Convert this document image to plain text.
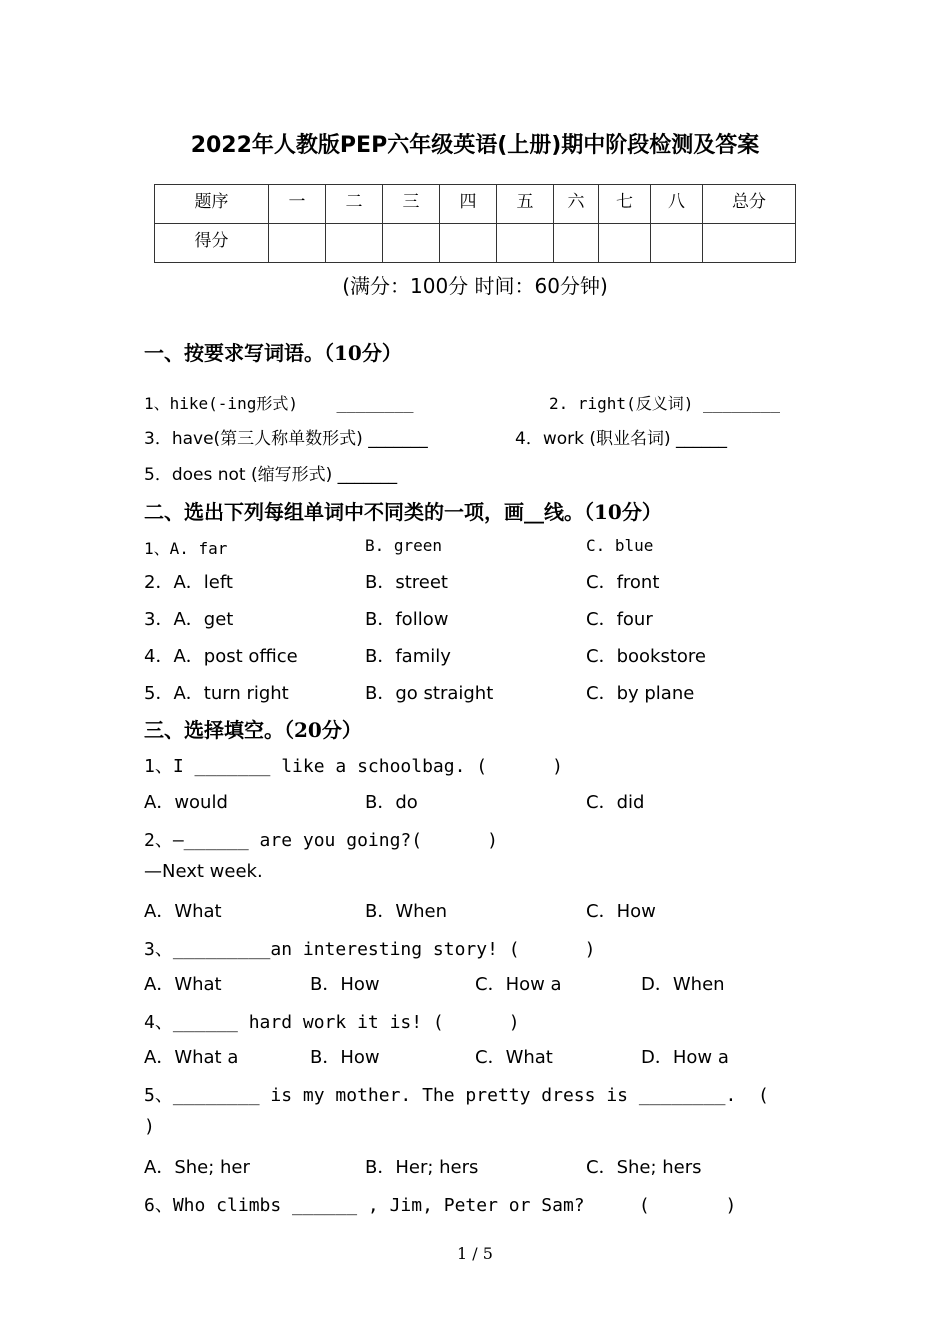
2022年人教版PEP六年级英语(上册)期中阶段检测及答案
题序	一	二	三	四	五	六	七	八	总分
得分									
(满分：100分 时间：60分钟)
一、按要求写词语。（10分）
1、hike(-ing形式)    ________	2. right(反义词) ________
3．have(第三人称单数形式) _______	4．work (职业名词) ______
5．does not (缩写形式) _______
二、选出下列每组单词中不同类的一项，画__线。（10分）
1、A. far	B. green	C. blue
2．A．left	B．street	C．front
3．A．get	B．follow	C．four
4．A．post office	B．family	C．bookstore
5．A．turn right	B．go straight	C．by plane
三、选择填空。（20分）
1、I _______ like a schoolbag. (      )
A．would	B．do	C．did
2、—______ are you going?(      )
—Next week.
A．What	B．When	C．How
3、_________an interesting story! (      )
A．What	B．How	C．How a	D．When
4、______ hard work it is! (      )
A．What a	B．How	C．What	D．How a
5、________ is my mother. The pretty dress is ________.  (
)
A．She; her	B．Her; hers	C．She; hers
6、Who climbs ______ , Jim, Peter or Sam?     (       )
1 / 5
